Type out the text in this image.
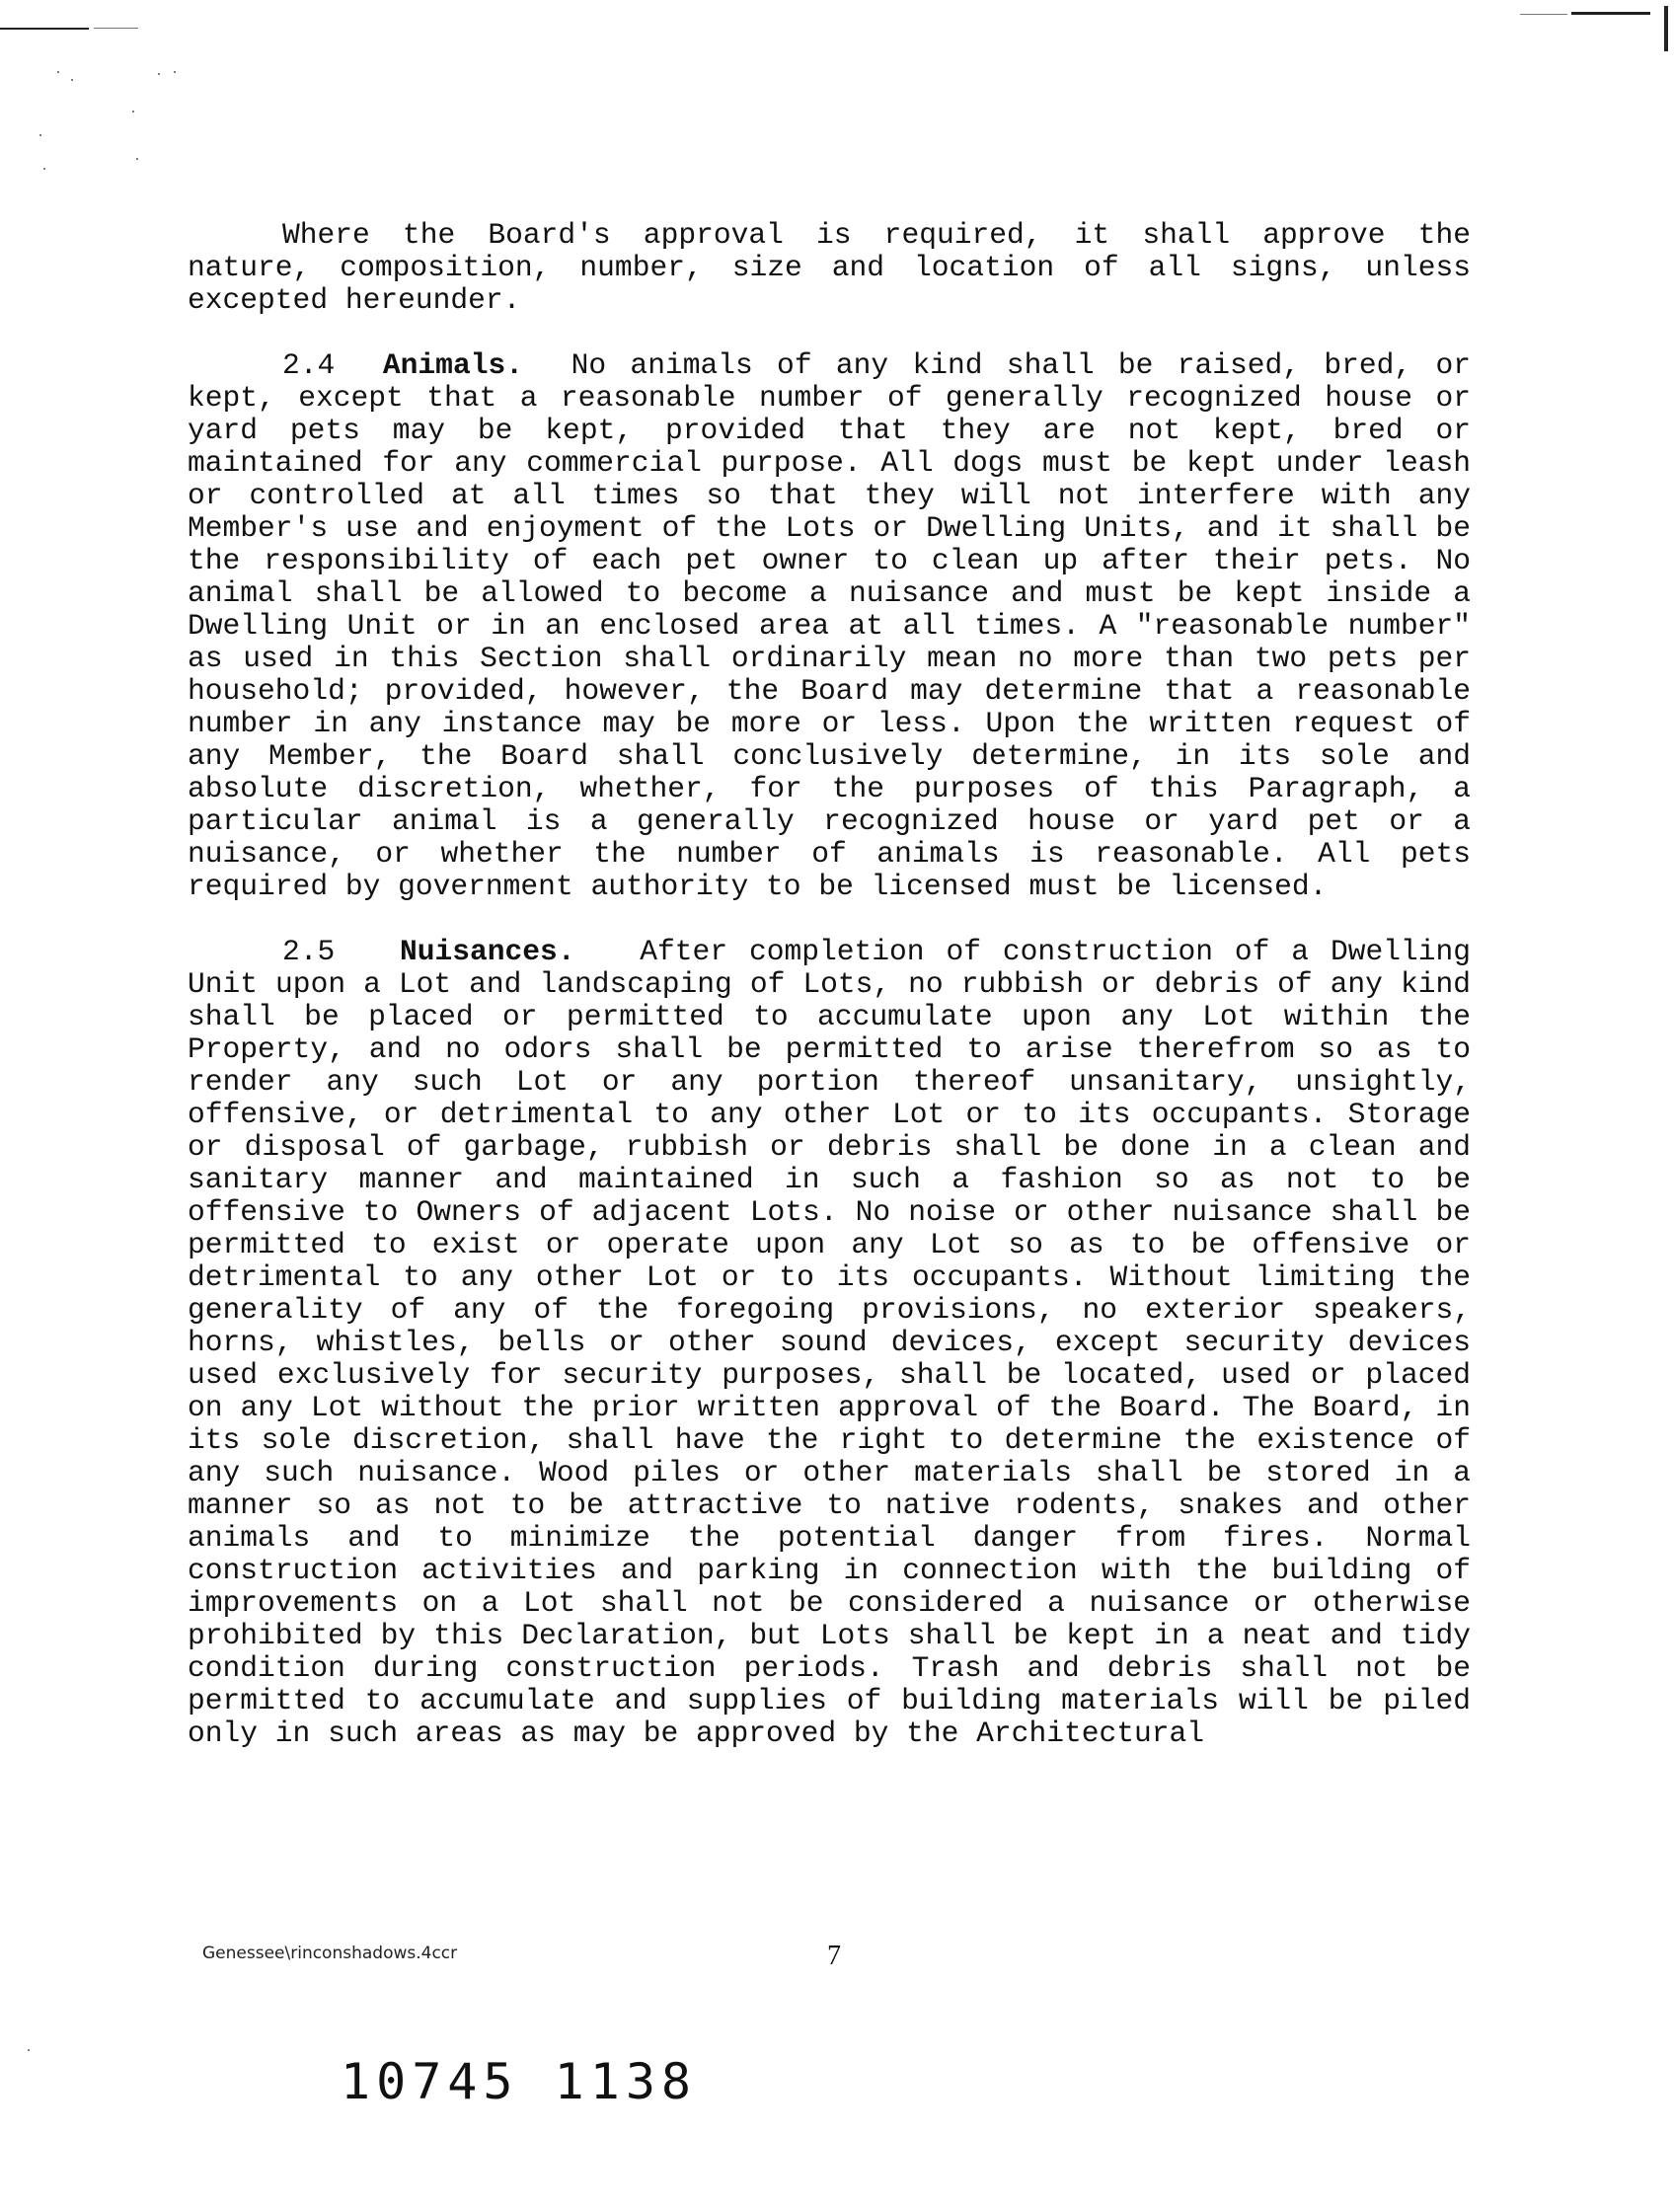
Where the Board's approval is required, it shall approve the nature, composition, number, size and location of all signs, unless excepted hereunder.

2.4 Animals. No animals of any kind shall be raised, bred, or kept, except that a reasonable number of generally recognized house or yard pets may be kept, provided that they are not kept, bred or maintained for any commercial purpose. All dogs must be kept under leash or controlled at all times so that they will not interfere with any Member's use and enjoyment of the Lots or Dwelling Units, and it shall be the responsibility of each pet owner to clean up after their pets. No animal shall be allowed to become a nuisance and must be kept inside a Dwelling Unit or in an enclosed area at all times. A "reasonable number" as used in this Section shall ordinarily mean no more than two pets per household; provided, however, the Board may determine that a reasonable number in any instance may be more or less. Upon the written request of any Member, the Board shall conclusively determine, in its sole and absolute discretion, whether, for the purposes of this Paragraph, a particular animal is a generally recognized house or yard pet or a nuisance, or whether the number of animals is reasonable. All pets required by government authority to be licensed must be licensed.

2.5 Nuisances. After completion of construction of a Dwelling Unit upon a Lot and landscaping of Lots, no rubbish or debris of any kind shall be placed or permitted to accumulate upon any Lot within the Property, and no odors shall be permitted to arise therefrom so as to render any such Lot or any portion thereof unsanitary, unsightly, offensive, or detrimental to any other Lot or to its occupants. Storage or disposal of garbage, rubbish or debris shall be done in a clean and sanitary manner and maintained in such a fashion so as not to be offensive to Owners of adjacent Lots. No noise or other nuisance shall be permitted to exist or operate upon any Lot so as to be offensive or detrimental to any other Lot or to its occupants. Without limiting the generality of any of the foregoing provisions, no exterior speakers, horns, whistles, bells or other sound devices, except security devices used exclusively for security purposes, shall be located, used or placed on any Lot without the prior written approval of the Board. The Board, in its sole discretion, shall have the right to determine the existence of any such nuisance. Wood piles or other materials shall be stored in a manner so as not to be attractive to native rodents, snakes and other animals and to minimize the potential danger from fires. Normal construction activities and parking in connection with the building of improvements on a Lot shall not be considered a nuisance or otherwise prohibited by this Declaration, but Lots shall be kept in a neat and tidy condition during construction periods. Trash and debris shall not be permitted to accumulate and supplies of building materials will be piled only in such areas as may be approved by the Architectural

Genessee\rinconshadows.4ccr	7
10745 1138
